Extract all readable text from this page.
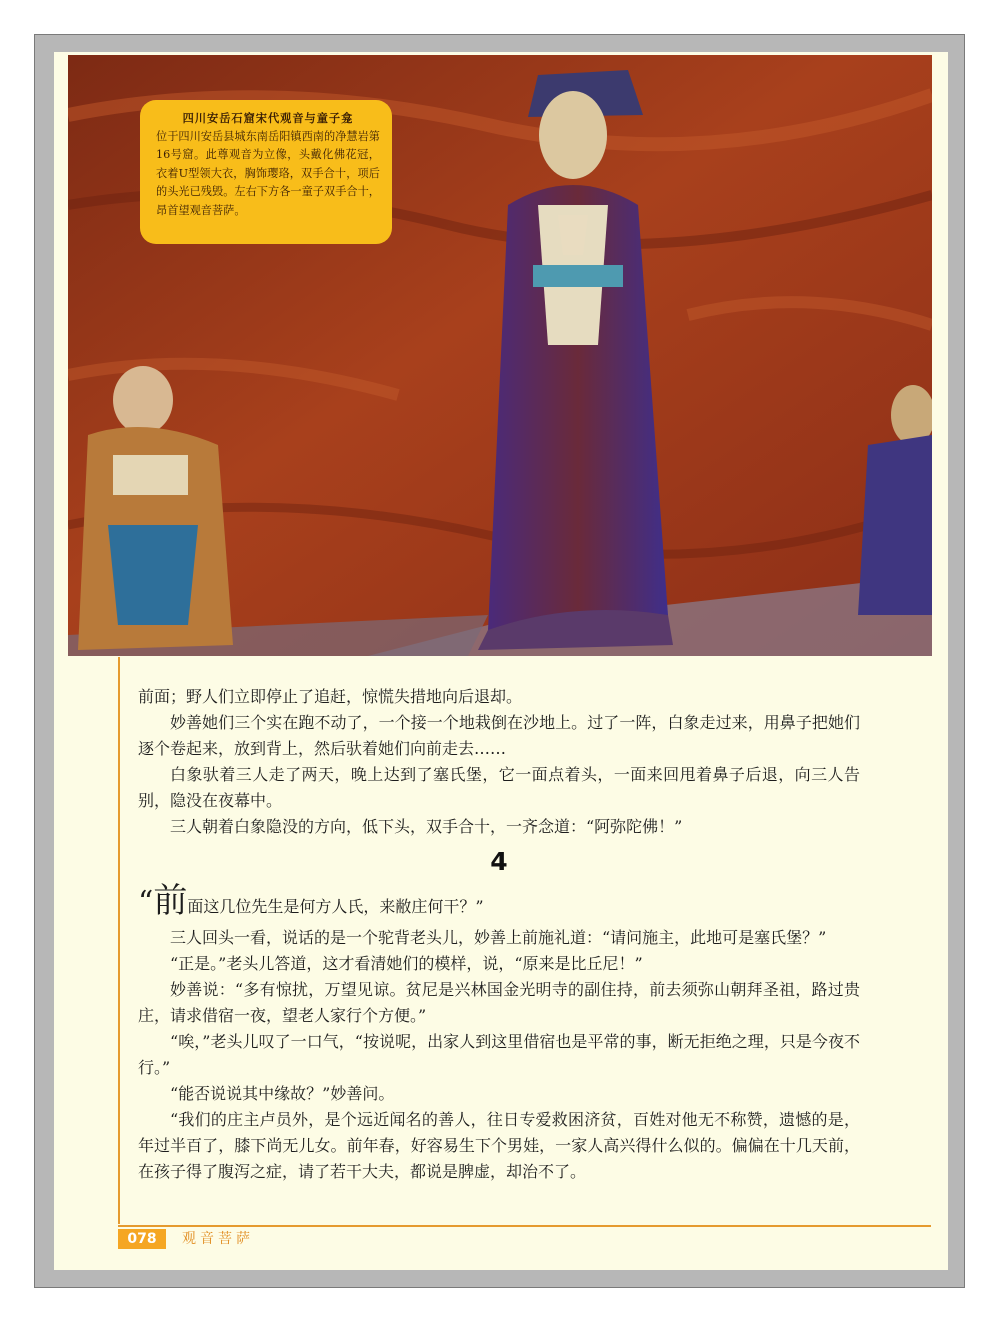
四川安岳石窟宋代观音与童子龛
位于四川安岳县城东南岳阳镇西南的净慧岩第16号窟。此尊观音为立像，头戴化佛花冠，衣着U型领大衣，胸饰璎珞，双手合十，项后的头光已残毁。左右下方各一童子双手合十，昂首望观音菩萨。

前面；野人们立即停止了追赶，惊慌失措地向后退却。

妙善她们三个实在跑不动了，一个接一个地栽倒在沙地上。过了一阵，白象走过来，用鼻子把她们逐个卷起来，放到背上，然后驮着她们向前走去……

白象驮着三人走了两天，晚上达到了塞氏堡，它一面点着头，一面来回甩着鼻子后退，向三人告别，隐没在夜幕中。

三人朝着白象隐没的方向，低下头，双手合十，一齐念道：“阿弥陀佛！”

4

“前面这几位先生是何方人氏，来敝庄何干？”

三人回头一看，说话的是一个驼背老头儿，妙善上前施礼道：“请问施主，此地可是塞氏堡？”

“正是。”老头儿答道，这才看清她们的模样，说，“原来是比丘尼！”

妙善说：“多有惊扰，万望见谅。贫尼是兴林国金光明寺的副住持，前去须弥山朝拜圣祖，路过贵庄，请求借宿一夜，望老人家行个方便。”

“唉，”老头儿叹了一口气，“按说呢，出家人到这里借宿也是平常的事，断无拒绝之理，只是今夜不行。”

“能否说说其中缘故？”妙善问。

“我们的庄主卢员外，是个远近闻名的善人，往日专爱救困济贫，百姓对他无不称赞，遗憾的是，年过半百了，膝下尚无儿女。前年春，好容易生下个男娃，一家人高兴得什么似的。偏偏在十几天前，在孩子得了腹泻之症，请了若干大夫，都说是脾虚，却治不了。

078	观音菩萨
